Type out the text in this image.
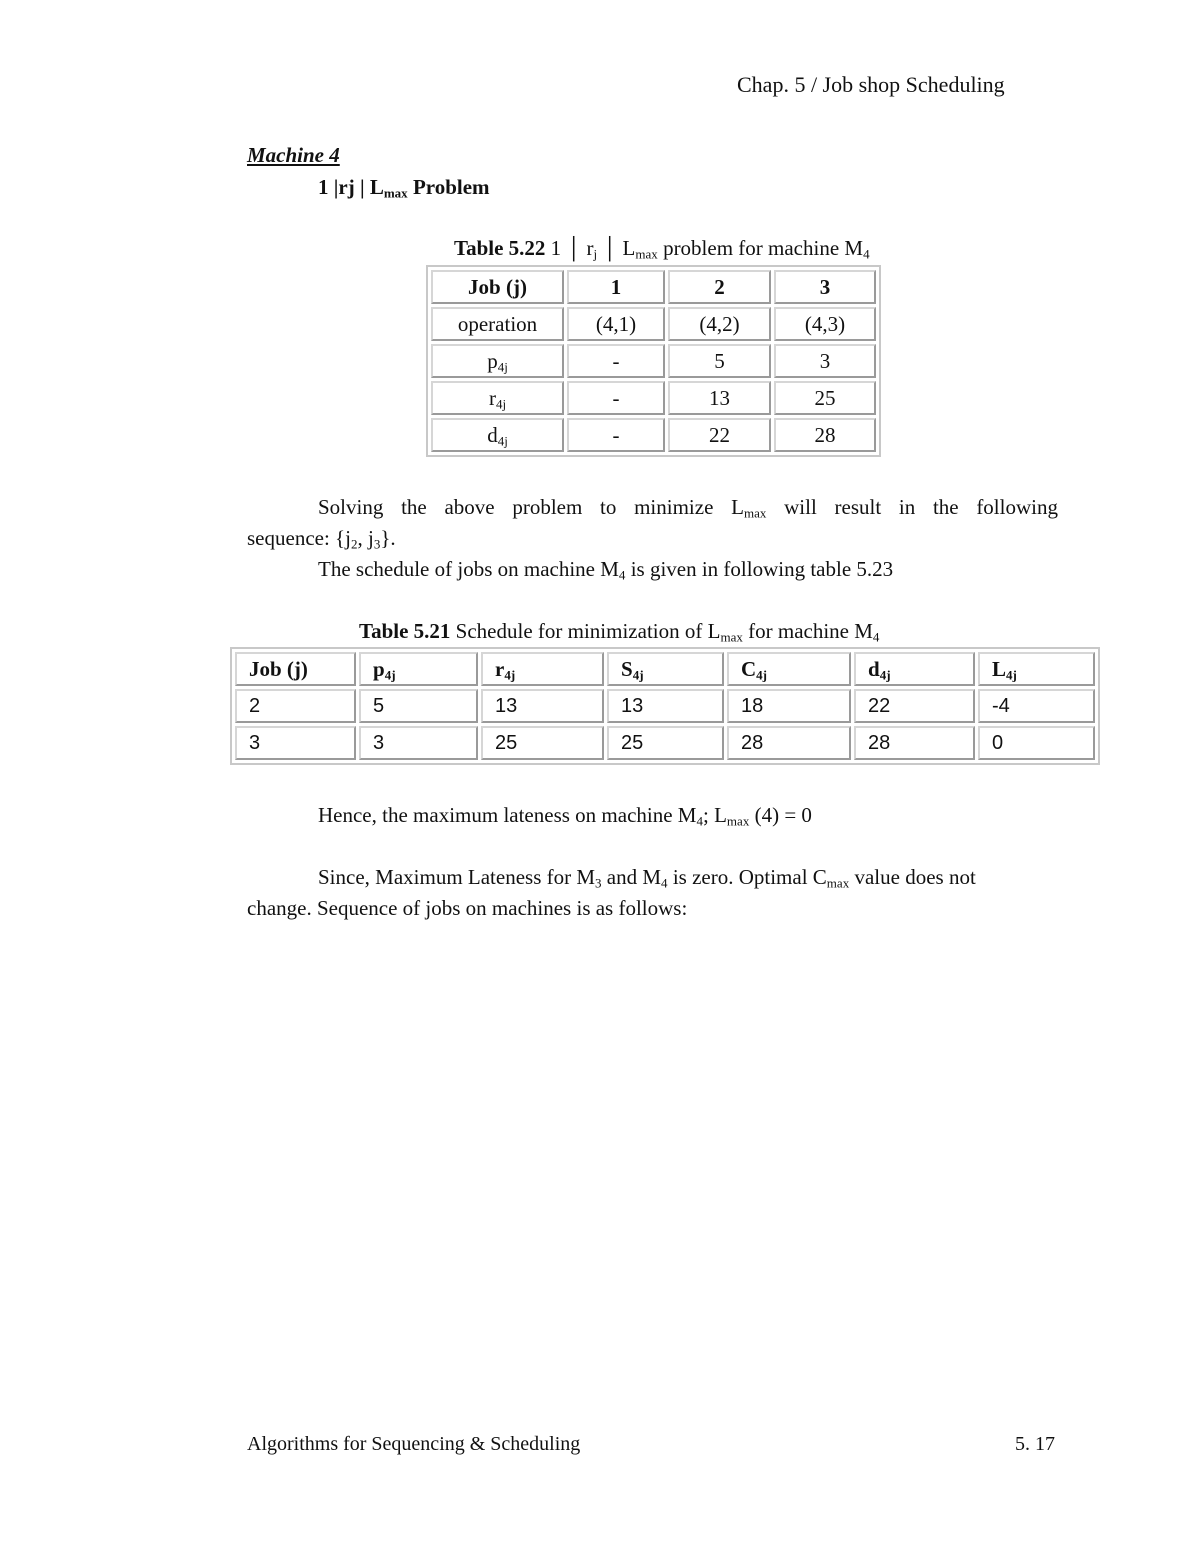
Chap. 5 / Job shop Scheduling
Machine 4
1 |rj | $L_{max}$ Problem
Table 5.22 1 │ $r_j$ │ $L_{max}$ problem for machine $M_4$
Job (j)	1	2	3
operation	(4,1)	(4,2)	(4,3)
$p_{4j}$	-	5	3
$r_{4j}$	-	13	25
$d_{4j}$	-	22	28
Solving the above problem to minimize $L_{max}$ will result in the following
sequence: {$j_2$, $j_3$}.
The schedule of jobs on machine $M_4$ is given in following table 5.23
Table 5.21 Schedule for minimization of $L_{max}$ for machine $M_4$
Job (j)	$p_{4j}$	$r_{4j}$	$S_{4j}$	$C_{4j}$	$d_{4j}$	$L_{4j}$
2	5	13	13	18	22	-4
3	3	25	25	28	28	0
Hence, the maximum lateness on machine $M_4$; $L_{max}$ (4) = 0
Since, Maximum Lateness for $M_3$ and $M_4$ is zero. Optimal $C_{max}$ value does not
change. Sequence of jobs on machines is as follows:
Algorithms for Sequencing & Scheduling	5. 17
